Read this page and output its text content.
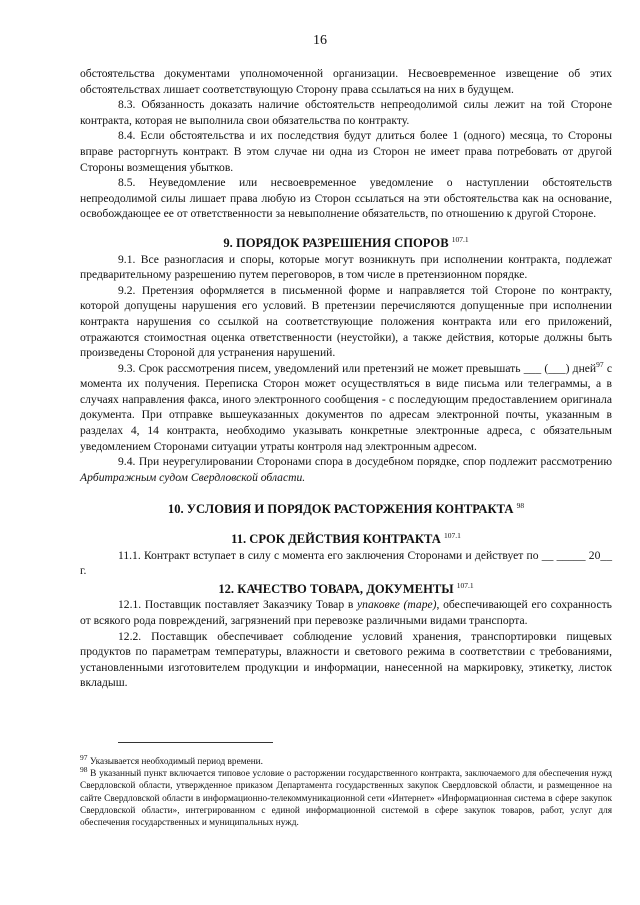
16

обстоятельства документами уполномоченной организации. Несвоевременное извещение об этих обстоятельствах лишает соответствующую Сторону права ссылаться на них в будущем.

8.3. Обязанность доказать наличие обстоятельств непреодолимой силы лежит на той Стороне контракта, которая не выполнила свои обязательства по контракту.

8.4. Если обстоятельства и их последствия будут длиться более 1 (одного) месяца, то Стороны вправе расторгнуть контракт. В этом случае ни одна из Сторон не имеет права потребовать от другой Стороны возмещения убытков.

8.5. Неуведомление или несвоевременное уведомление о наступлении обстоятельств непреодолимой силы лишает права любую из Сторон ссылаться на эти обстоятельства как на основание, освобождающее ее от ответственности за невыполнение обязательств, по отношению к другой Стороне.

9. ПОРЯДОК РАЗРЕШЕНИЯ СПОРОВ $^{107.1}$

9.1. Все разногласия и споры, которые могут возникнуть при исполнении контракта, подлежат предварительному разрешению путем переговоров, в том числе в претензионном порядке.

9.2. Претензия оформляется в письменной форме и направляется той Стороне по контракту, которой допущены нарушения его условий. В претензии перечисляются допущенные при исполнении контракта нарушения со ссылкой на соответствующие положения контракта или его приложений, отражаются стоимостная оценка ответственности (неустойки), а также действия, которые должны быть произведены Стороной для устранения нарушений.

9.3. Срок рассмотрения писем, уведомлений или претензий не может превышать ___ (___) дней$^{97}$ с момента их получения. Переписка Сторон может осуществляться в виде письма или телеграммы, а в случаях направления факса, иного электронного сообщения - с последующим предоставлением оригинала документа. При отправке вышеуказанных документов по адресам электронной почты, указанным в разделах 4, 14 контракта, необходимо указывать конкретные электронные адреса, с обязательным уведомлением Сторонами ситуации утраты контроля над электронным адресом.

9.4. При неурегулировании Сторонами спора в досудебном порядке, спор подлежит рассмотрению Арбитражным судом Свердловской области.

10. УСЛОВИЯ И ПОРЯДОК РАСТОРЖЕНИЯ КОНТРАКТА $^{98}$
11. СРОК ДЕЙСТВИЯ КОНТРАКТА $^{107.1}$

11.1. Контракт вступает в силу с момента его заключения Сторонами и действует по __ _____ 20__ г.

12. КАЧЕСТВО ТОВАРА, ДОКУМЕНТЫ $^{107.1}$

12.1. Поставщик поставляет Заказчику Товар в упаковке (таре), обеспечивающей его сохранность от всякого рода повреждений, загрязнений при перевозке различными видами транспорта.

12.2. Поставщик обеспечивает соблюдение условий хранения, транспортировки пищевых продуктов по параметрам температуры, влажности и светового режима в соответствии с требованиями, установленными изготовителем продукции и информации, нанесенной на маркировку, этикетку, листок вкладыш.

$^{97}$ Указывается необходимый период времени.

$^{98}$ В указанный пункт включается типовое условие о расторжении государственного контракта, заключаемого для обеспечения нужд Свердловской области, утвержденное приказом Департамента государственных закупок Свердловской области, и размещенное на сайте Свердловской области в информационно-телекоммуникационной сети «Интернет» «Информационная система в сфере закупок Свердловской области», интегрированном с единой информационной системой в сфере закупок товаров, работ, услуг для обеспечения государственных и муниципальных нужд.
